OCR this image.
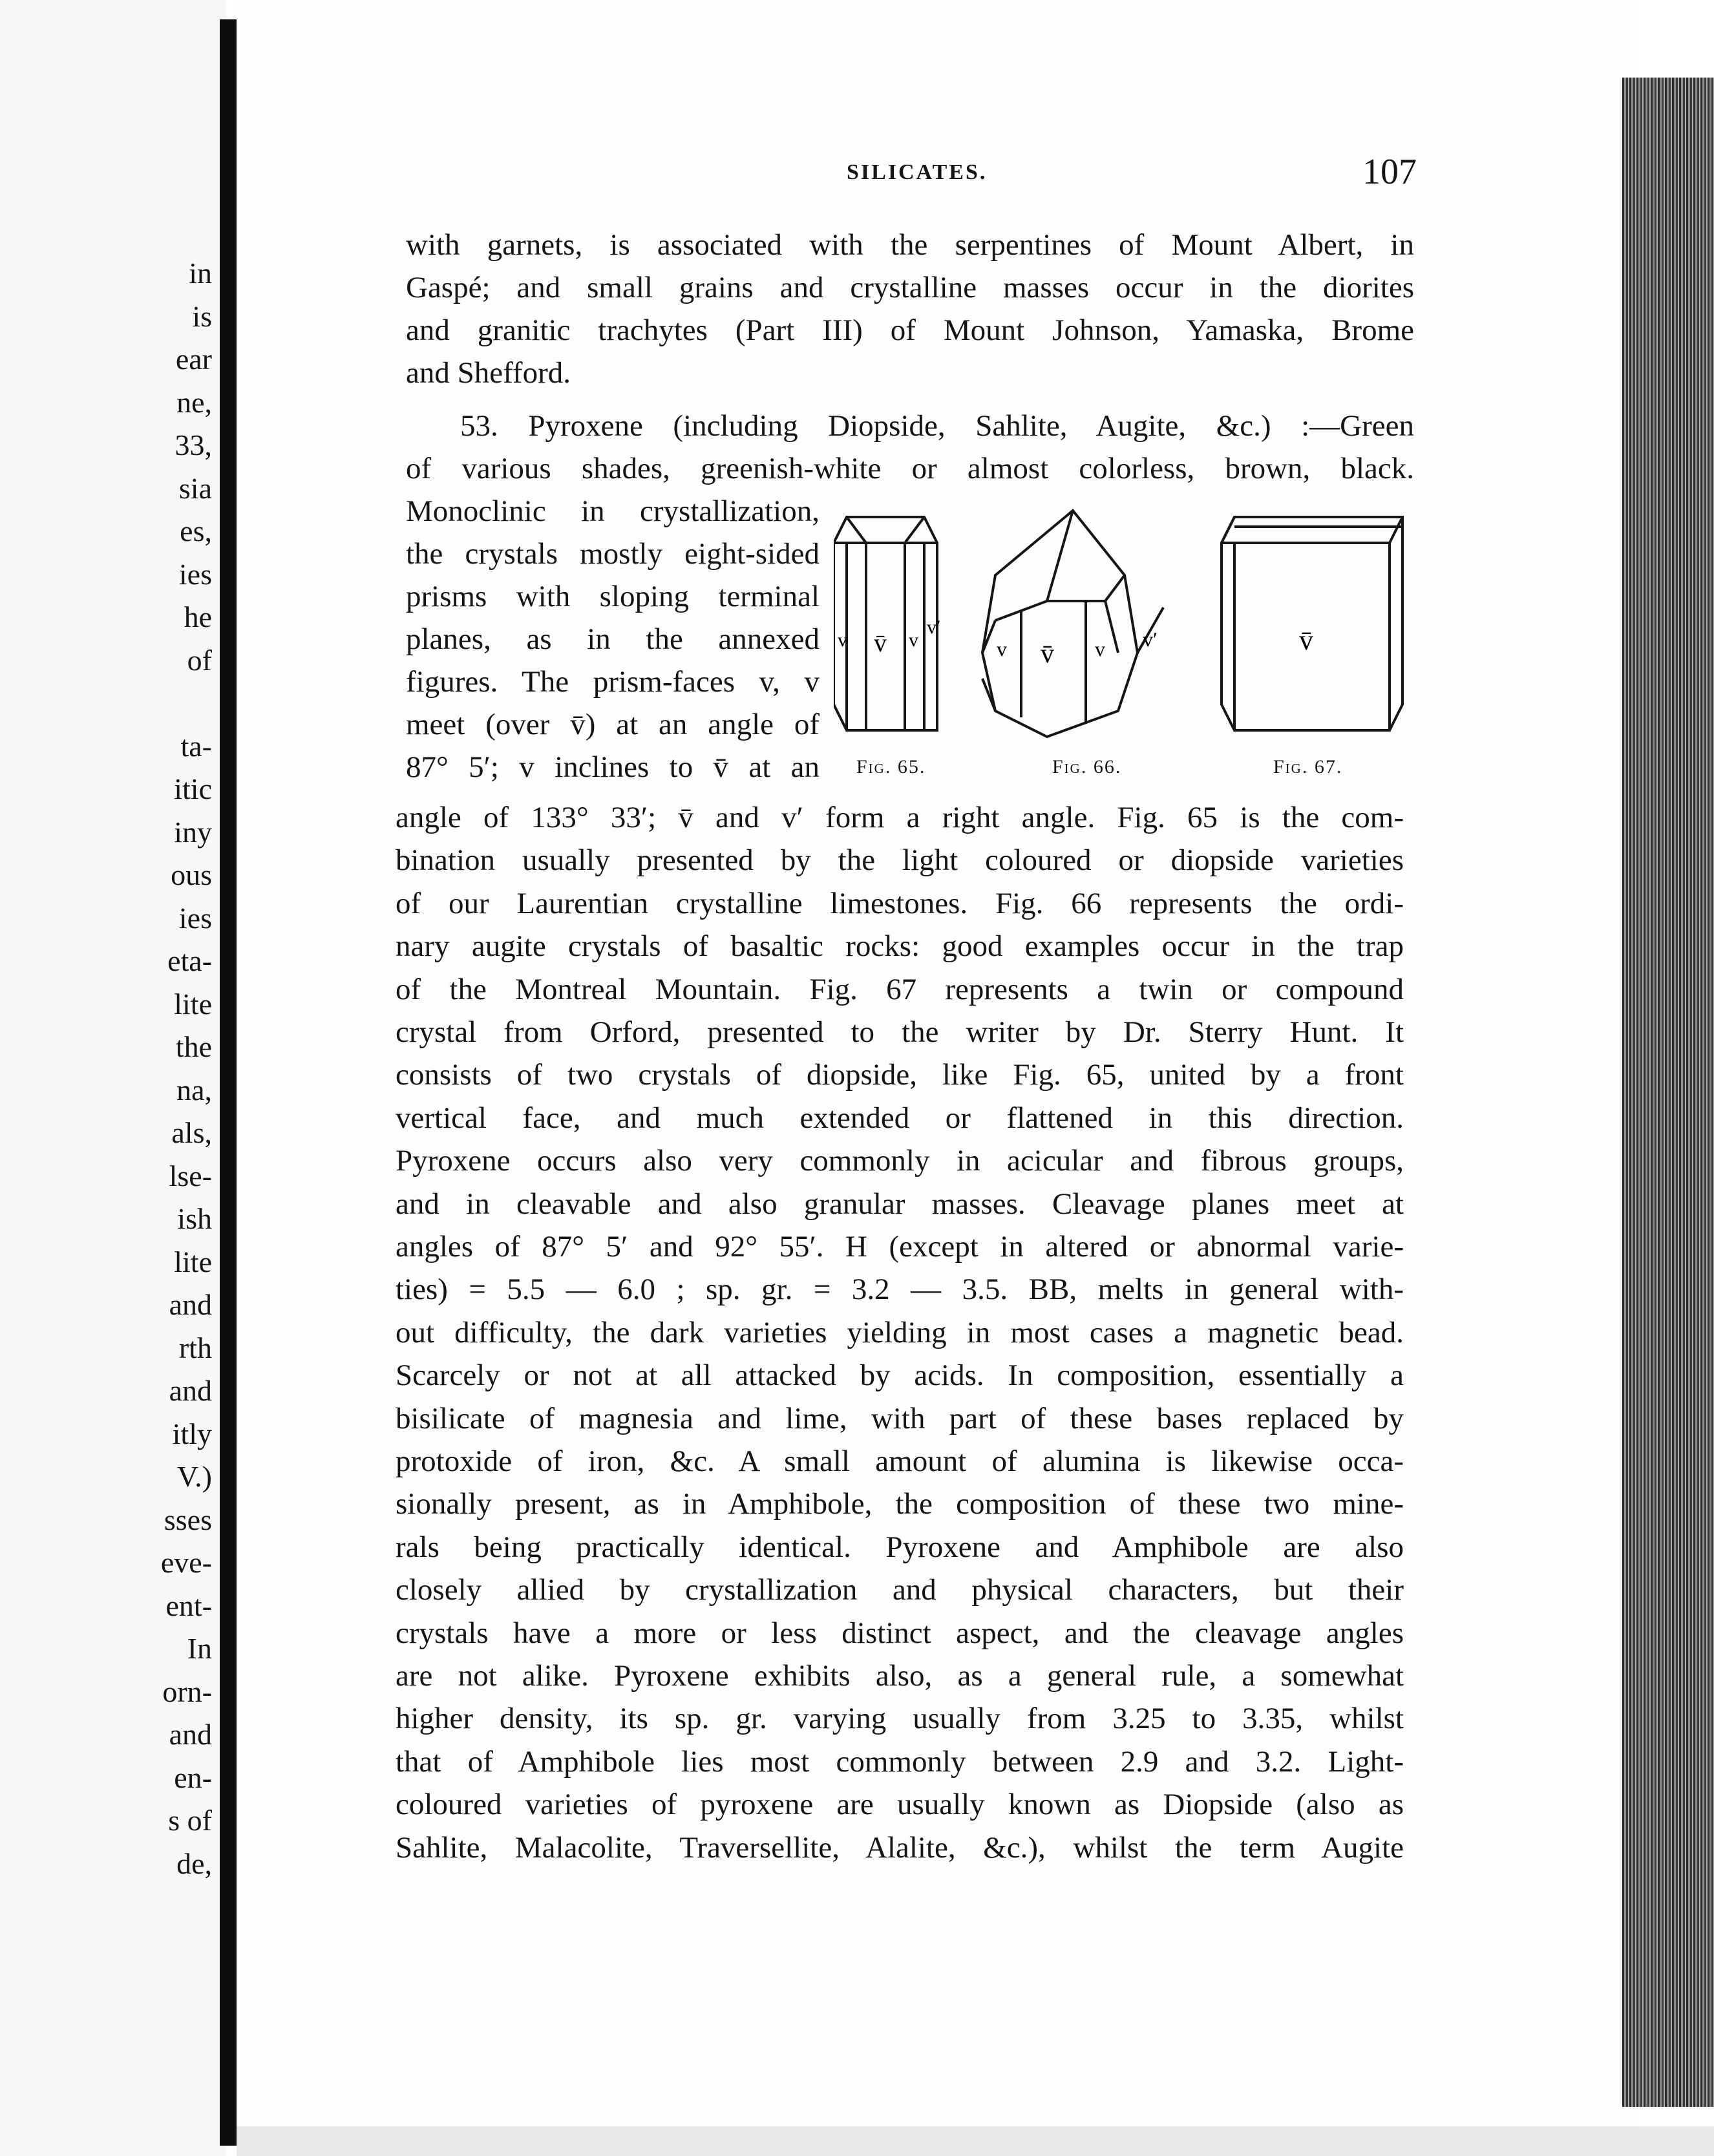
in
is
ear
ne,
33,
sia
es,
ies
he
of
ta-
itic
iny
ous
ies
eta-
lite
the
na,
als,
lse-
ish
lite
and
rth
and
itly
V.)
sses
eve-
ent-
In
orn-
and
en-
s of
de,
SILICATES.	107
with garnets, is associated with the serpentines of Mount Albert, in
Gaspé; and small grains and crystalline masses occur in the diorites
and granitic trachytes (Part III) of Mount Johnson, Yamaska, Brome
and Shefford.
53. Pyroxene (including Diopside, Sahlite, Augite, &c.) :—Green
of various shades, greenish-white or almost colorless, brown, black.
Monoclinic in crystallization,
the crystals mostly eight-sided
prisms with sloping terminal
planes, as in the annexed
figures. The prism-faces v, v
meet (over v̄) at an angle of
87° 5′; v inclines to v̄ at an
v v̄ v
v′
v v̄ v v′	v̄
Fig. 65.	Fig. 66.	Fig. 67.
angle of 133° 33′; v̄ and v′ form a right angle. Fig. 65 is the com-
bination usually presented by the light coloured or diopside varieties
of our Laurentian crystalline limestones. Fig. 66 represents the ordi-
nary augite crystals of basaltic rocks: good examples occur in the trap
of the Montreal Mountain. Fig. 67 represents a twin or compound
crystal from Orford, presented to the writer by Dr. Sterry Hunt. It
consists of two crystals of diopside, like Fig. 65, united by a front
vertical face, and much extended or flattened in this direction.
Pyroxene occurs also very commonly in acicular and fibrous groups,
and in cleavable and also granular masses. Cleavage planes meet at
angles of 87° 5′ and 92° 55′. H (except in altered or abnormal varie-
ties) = 5.5 — 6.0 ; sp. gr. = 3.2 — 3.5. BB, melts in general with-
out difficulty, the dark varieties yielding in most cases a magnetic bead.
Scarcely or not at all attacked by acids. In composition, essentially a
bisilicate of magnesia and lime, with part of these bases replaced by
protoxide of iron, &c. A small amount of alumina is likewise occa-
sionally present, as in Amphibole, the composition of these two mine-
rals being practically identical. Pyroxene and Amphibole are also
closely allied by crystallization and physical characters, but their
crystals have a more or less distinct aspect, and the cleavage angles
are not alike. Pyroxene exhibits also, as a general rule, a somewhat
higher density, its sp. gr. varying usually from 3.25 to 3.35, whilst
that of Amphibole lies most commonly between 2.9 and 3.2. Light-
coloured varieties of pyroxene are usually known as Diopside (also as
Sahlite, Malacolite, Traversellite, Alalite, &c.), whilst the term Augite
